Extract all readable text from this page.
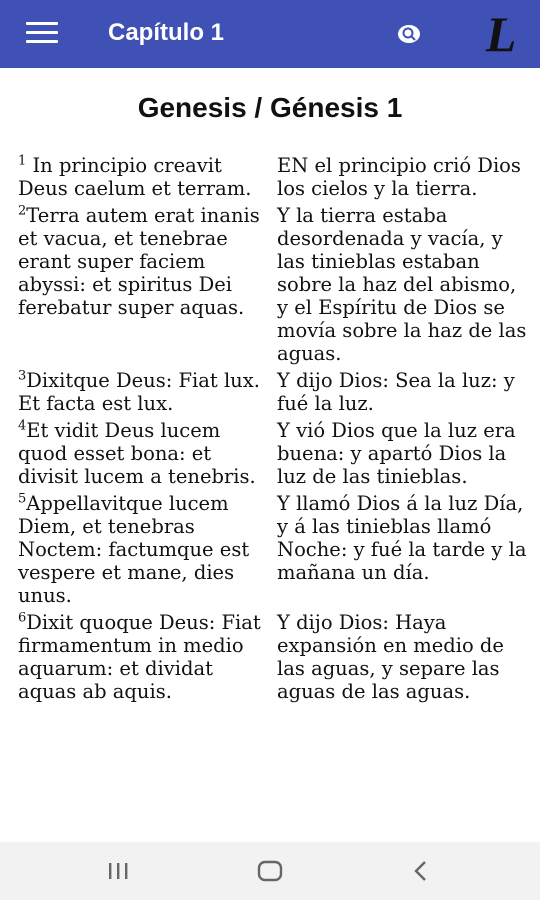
Capítulo 1	L
Genesis / Génesis 1
$^1$ In principio creavit Deus caelum et terram.
EN el principio crió Dios los cielos y la tierra.
$^2$Terra autem erat inanis et vacua, et tenebrae erant super faciem abyssi: et spiritus Dei ferebatur super aquas.
Y la tierra estaba desordenada y vacía, y las tinieblas estaban sobre la haz del abismo, y el Espíritu de Dios se movía sobre la haz de las aguas.
$^3$Dixitque Deus: Fiat lux. Et facta est lux.
Y dijo Dios: Sea la luz: y fué la luz.
$^4$Et vidit Deus lucem quod esset bona: et divisit lucem a tenebris.
Y vió Dios que la luz era buena: y apartó Dios la luz de las tinieblas.
$^5$Appellavitque lucem Diem, et tenebras Noctem: factumque est vespere et mane, dies unus.
Y llamó Dios á la luz Día, y á las tinieblas llamó Noche: y fué la tarde y la mañana un día.
$^6$Dixit quoque Deus: Fiat firmamentum in medio aquarum: et dividat aquas ab aquis.
Y dijo Dios: Haya expansión en medio de las aguas, y separe las aguas de las aguas.
